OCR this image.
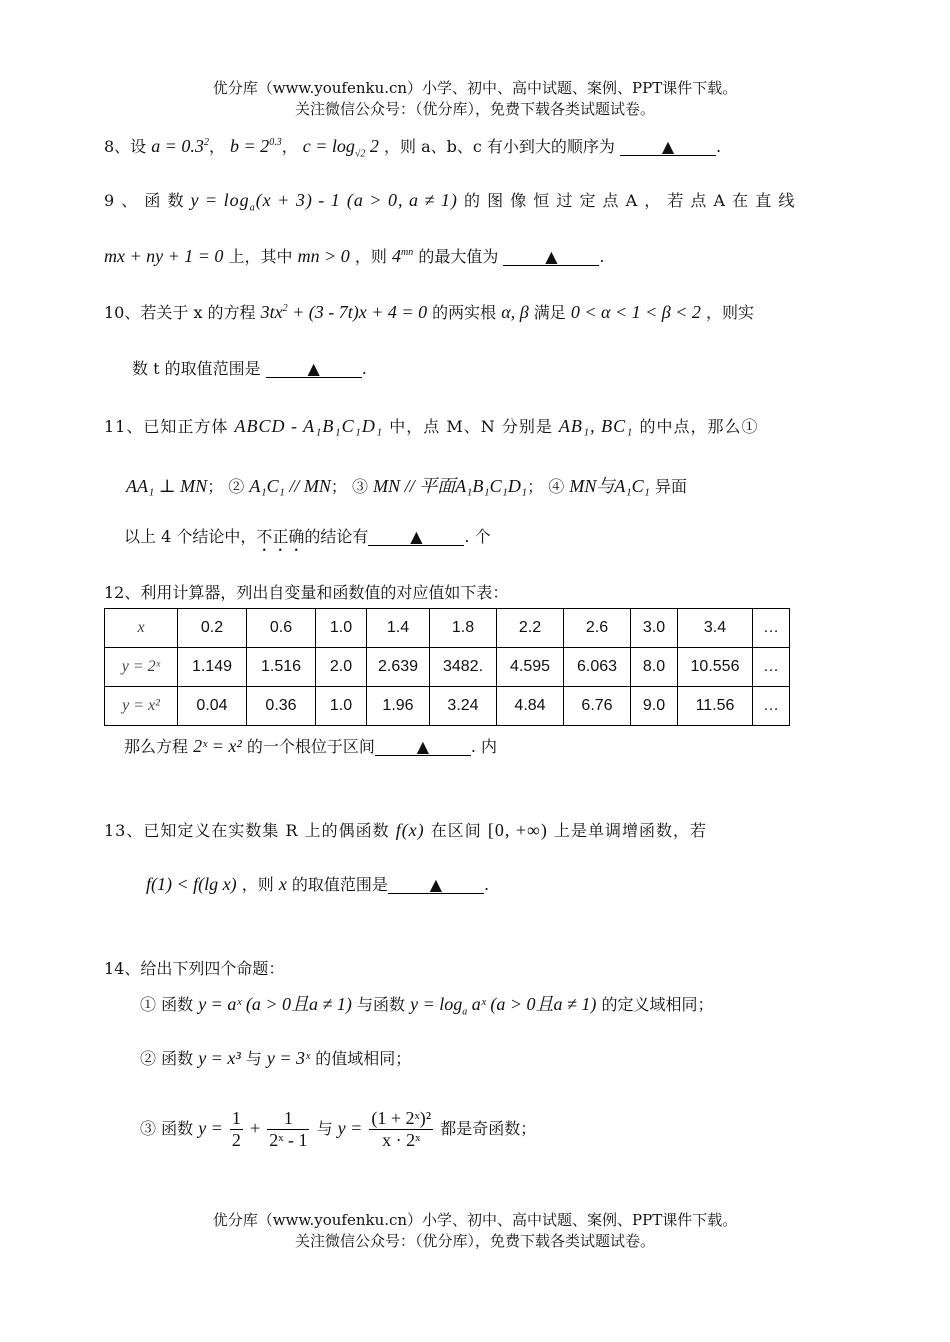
优分库（www.youfenku.cn）小学、初中、高中试题、案例、PPT课件下载。
关注微信公众号：（优分库），免费下载各类试题试卷。
8、设 $a = 0.3^2$， $b = 2^{0.3}$， $c = \log_{√2} 2$ ，则 a、b、c 有小到大的顺序为	▲	.
9 、 函 数 $y = \log_a(x + 3) - 1$ (a > 0, a ≠ 1) 的 图 像 恒 过 定 点 A ， 若 点 A 在 直 线
mx + ny + 1 = 0 上，其中 mn > 0 ，则 $4^{mn}$ 的最大值为	▲	.
10、若关于 x 的方程 $3tx^2 + (3 - 7t)x + 4 = 0$ 的两实根 α, β 满足 0 < α < 1 < β < 2 ，则实
数 t 的取值范围是	▲	.
11、已知正方体 ABCD - A₁B₁C₁D₁ 中，点 M、N 分别是 AB₁, BC₁ 的中点，那么①
AA₁ ⊥ MN； ② A₁C₁ // MN； ③ MN // 平面A₁B₁C₁D₁； ④ MN与A₁C₁ 异面
以上 4 个结论中，不正确的结论有	▲	. 个
12、利用计算器，列出自变量和函数值的对应值如下表：
x	0.2	0.6	1.0	1.4	1.8	2.2	2.6	3.0	3.4	…
y = 2ˣ	1.149	1.516	2.0	2.639	3482.	4.595	6.063	8.0	10.556	…
y = x²	0.04	0.36	1.0	1.96	3.24	4.84	6.76	9.0	11.56	…
那么方程 2ˣ = x² 的一个根位于区间	▲	. 内
13、已知定义在实数集 R 上的偶函数 f(x) 在区间 [0, +∞) 上是单调增函数，若
f(1) < f(lg x) ，则 x 的取值范围是	▲	.
14、给出下列四个命题：
① 函数 y = aˣ (a > 0且a ≠ 1) 与函数 $y = \log_a$ aˣ (a > 0且a ≠ 1) 的定义域相同；
② 函数 y = x³ 与 y = 3ˣ 的值域相同；
③ 函数 $y = \frac{1}{2} + \frac{1}{\text{2ˣ - 1}}$ 与 $y = \frac{\text{(1 + 2ˣ)²}}{\text{x · 2ˣ}}$ 都是奇函数；
优分库（www.youfenku.cn）小学、初中、高中试题、案例、PPT课件下载。
关注微信公众号：（优分库），免费下载各类试题试卷。
